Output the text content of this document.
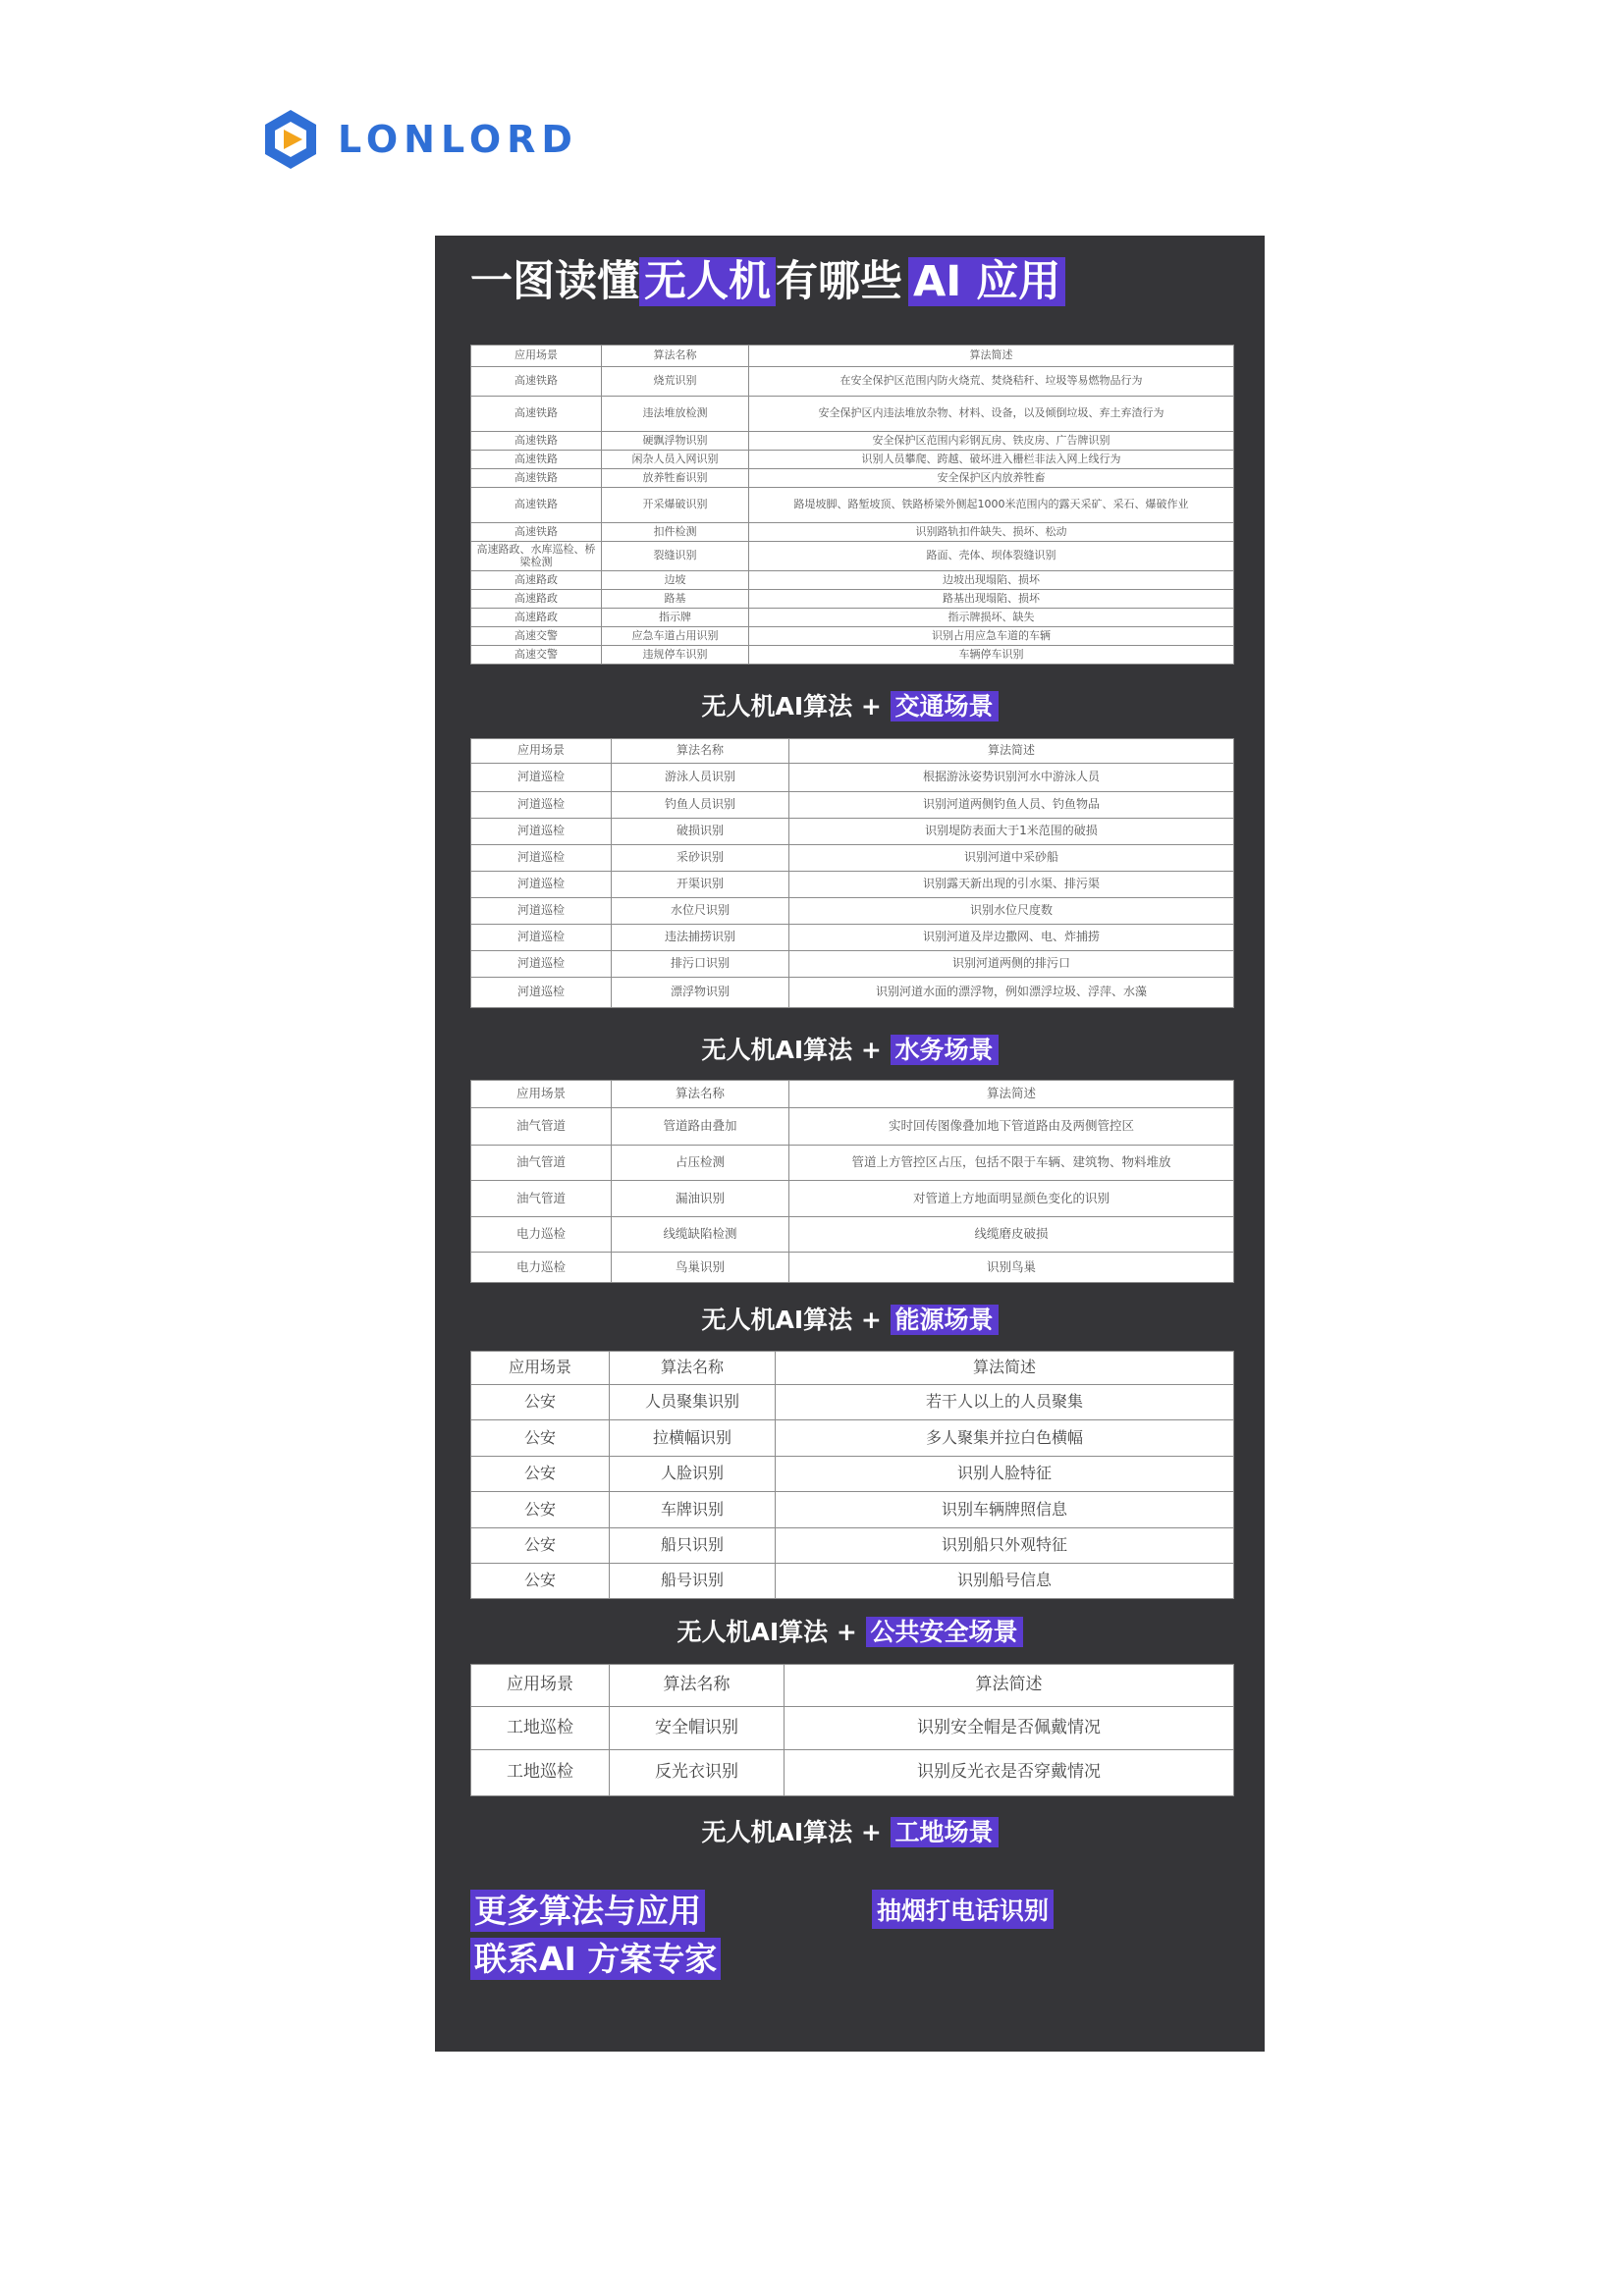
LONLORD
一图读懂 无人机 有哪些 AI 应用
应用场景	算法名称	算法简述
高速铁路	烧荒识别	在安全保护区范围内防火烧荒、焚烧秸秆、垃圾等易燃物品行为
高速铁路	违法堆放检测	安全保护区内违法堆放杂物、材料、设备，以及倾倒垃圾、弃土弃渣行为
高速铁路	硬飘浮物识别	安全保护区范围内彩钢瓦房、铁皮房、广告牌识别
高速铁路	闲杂人员入网识别	识别人员攀爬、跨越、破坏进入栅栏非法入网上线行为
高速铁路	放养牲畜识别	安全保护区内放养牲畜
高速铁路	开采爆破识别	路堤坡脚、路堑坡顶、铁路桥梁外侧起1000米范围内的露天采矿、采石、爆破作业
高速铁路	扣件检测	识别路轨扣件缺失、损坏、松动
高速路政、水库巡检、桥梁检测	裂缝识别	路面、壳体、坝体裂缝识别
高速路政	边坡	边坡出现塌陷、损坏
高速路政	路基	路基出现塌陷、损坏
高速路政	指示牌	指示牌损坏、缺失
高速交警	应急车道占用识别	识别占用应急车道的车辆
高速交警	违规停车识别	车辆停车识别
无人机AI算法 + 交通场景
应用场景	算法名称	算法简述
河道巡检	游泳人员识别	根据游泳姿势识别河水中游泳人员
河道巡检	钓鱼人员识别	识别河道两侧钓鱼人员、钓鱼物品
河道巡检	破损识别	识别堤防表面大于1米范围的破损
河道巡检	采砂识别	识别河道中采砂船
河道巡检	开渠识别	识别露天新出现的引水渠、排污渠
河道巡检	水位尺识别	识别水位尺度数
河道巡检	违法捕捞识别	识别河道及岸边撒网、电、炸捕捞
河道巡检	排污口识别	识别河道两侧的排污口
河道巡检	漂浮物识别	识别河道水面的漂浮物，例如漂浮垃圾、浮萍、水藻
无人机AI算法 + 水务场景
应用场景	算法名称	算法简述
油气管道	管道路由叠加	实时回传图像叠加地下管道路由及两侧管控区
油气管道	占压检测	管道上方管控区占压，包括不限于车辆、建筑物、物料堆放
油气管道	漏油识别	对管道上方地面明显颜色变化的识别
电力巡检	线缆缺陷检测	线缆磨皮破损
电力巡检	鸟巢识别	识别鸟巢
无人机AI算法 + 能源场景
应用场景	算法名称	算法简述
公安	人员聚集识别	若干人以上的人员聚集
公安	拉横幅识别	多人聚集并拉白色横幅
公安	人脸识别	识别人脸特征
公安	车牌识别	识别车辆牌照信息
公安	船只识别	识别船只外观特征
公安	船号识别	识别船号信息
无人机AI算法 + 公共安全场景
应用场景	算法名称	算法简述
工地巡检	安全帽识别	识别安全帽是否佩戴情况
工地巡检	反光衣识别	识别反光衣是否穿戴情况
无人机AI算法 + 工地场景
更多算法与应用
联系AI 方案专家
抽烟打电话识别
